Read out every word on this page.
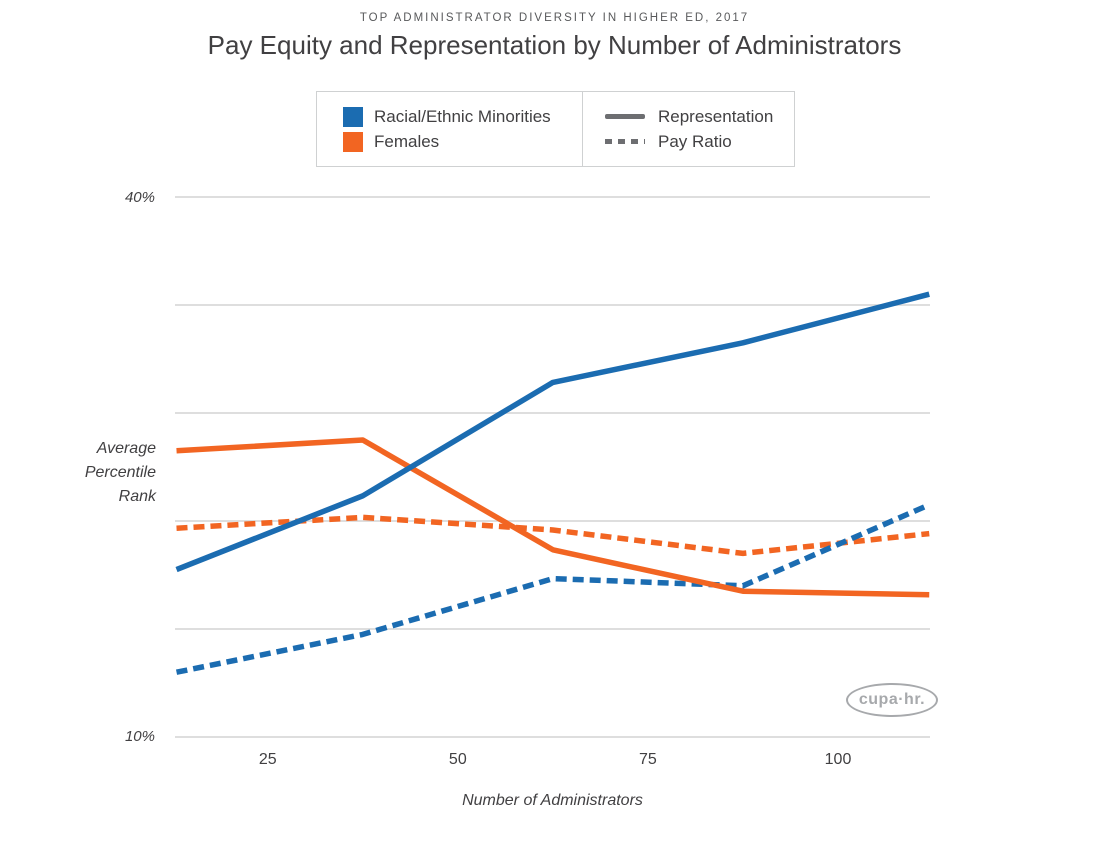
TOP ADMINISTRATOR DIVERSITY IN HIGHER ED, 2017
Pay Equity and Representation by Number of Administrators
Racial/Ethnic Minorities
Females
Representation
Pay Ratio
40%
10%
Average
Percentile
Rank
25	50	75	100
Number of Administrators
cupa·hr.
